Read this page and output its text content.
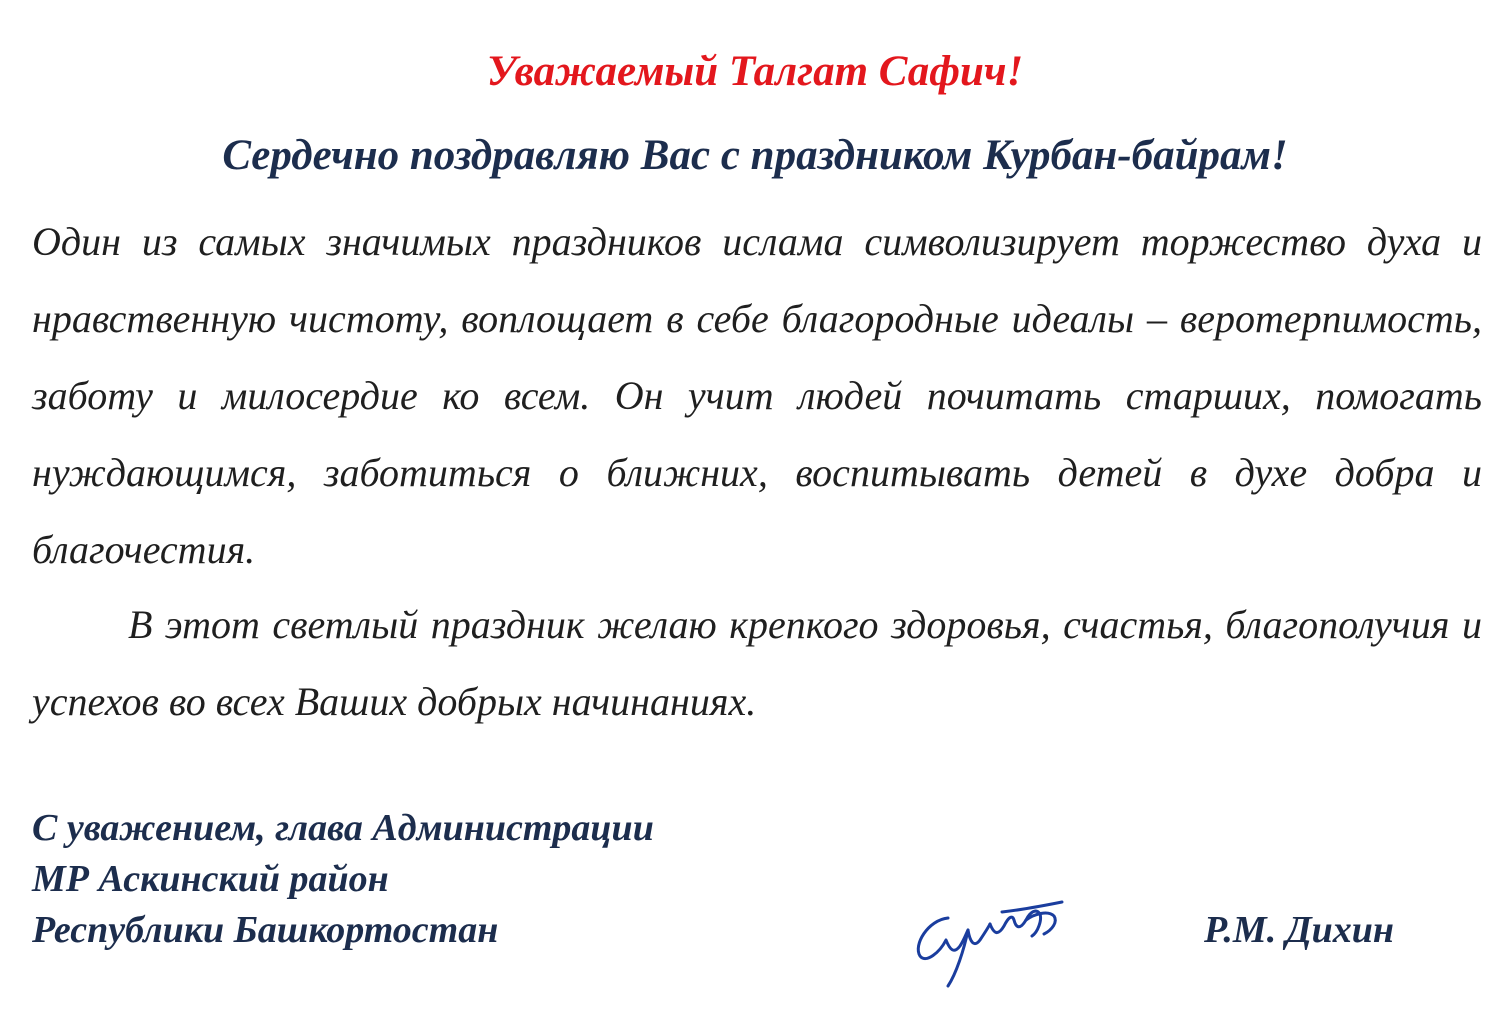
Уважаемый Талгат Сафич!
Сердечно поздравляю Вас с праздником Курбан-байрам!

Один из самых значимых праздников ислама символизирует торжество духа и нравственную чистоту, воплощает в себе благородные идеалы – веротерпимость, заботу и милосердие ко всем. Он учит людей почитать старших, помогать нуждающимся, заботиться о ближних, воспитывать детей в духе добра и благочестия.

В этот светлый праздник желаю крепкого здоровья, счастья, благополучия и успехов во всех Ваших добрых начинаниях.

С уважением, глава Администрации
МР Аскинский район
Республики Башкортостан	Р.М. Дихин
